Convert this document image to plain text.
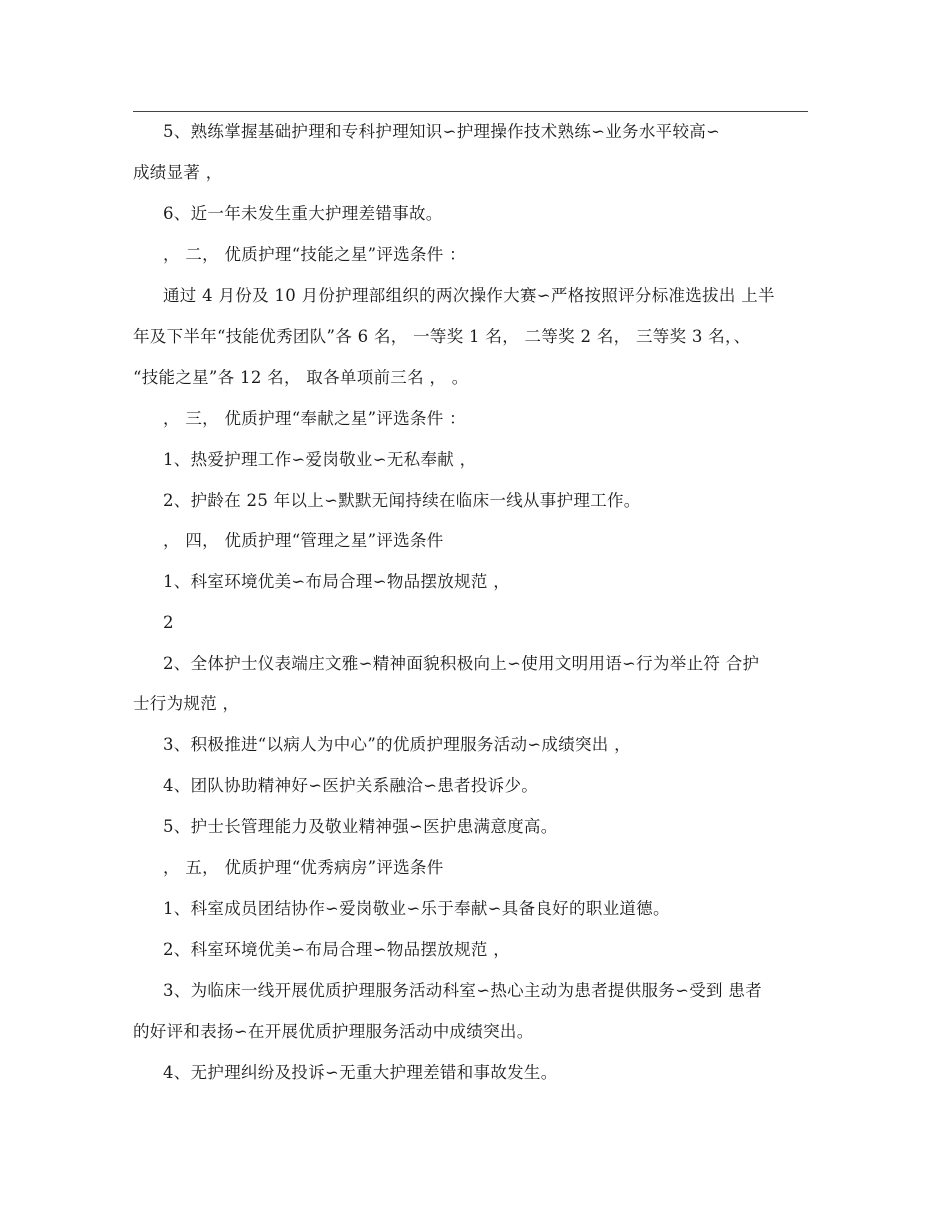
5、熟练掌握基础护理和专科护理知识∽护理操作技术熟练∽业务水平较高∽
成绩显著 ，
6、近一年未发生重大护理差错事故。
， 二， 优质护理“技能之星”评选条件 ：
通过 4 月份及 10 月份护理部组织的两次操作大赛∽严格按照评分标准选拔出 上半
年及下半年“技能优秀团队”各 6 名， 一等奖 1 名， 二等奖 2 名， 三等奖 3 名，、
“技能之星”各 12 名， 取各单项前三名 ， 。
， 三， 优质护理“奉献之星”评选条件 ：
1、热爱护理工作∽爱岗敬业∽无私奉献 ，
2、护龄在 25 年以上∽默默无闻持续在临床一线从事护理工作。
， 四， 优质护理“管理之星”评选条件
1、科室环境优美∽布局合理∽物品摆放规范 ，
2
2、全体护士仪表端庄文雅∽精神面貌积极向上∽使用文明用语∽行为举止符 合护
士行为规范 ，
3、积极推进“以病人为中心”的优质护理服务活动∽成绩突出 ，
4、团队协助精神好∽医护关系融洽∽患者投诉少。
5、护士长管理能力及敬业精神强∽医护患满意度高。
， 五， 优质护理“优秀病房”评选条件
1、科室成员团结协作∽爱岗敬业∽乐于奉献∽具备良好的职业道德。
2、科室环境优美∽布局合理∽物品摆放规范 ，
3、为临床一线开展优质护理服务活动科室∽热心主动为患者提供服务∽受到 患者
的好评和表扬∽在开展优质护理服务活动中成绩突出。
4、无护理纠纷及投诉∽无重大护理差错和事故发生。
